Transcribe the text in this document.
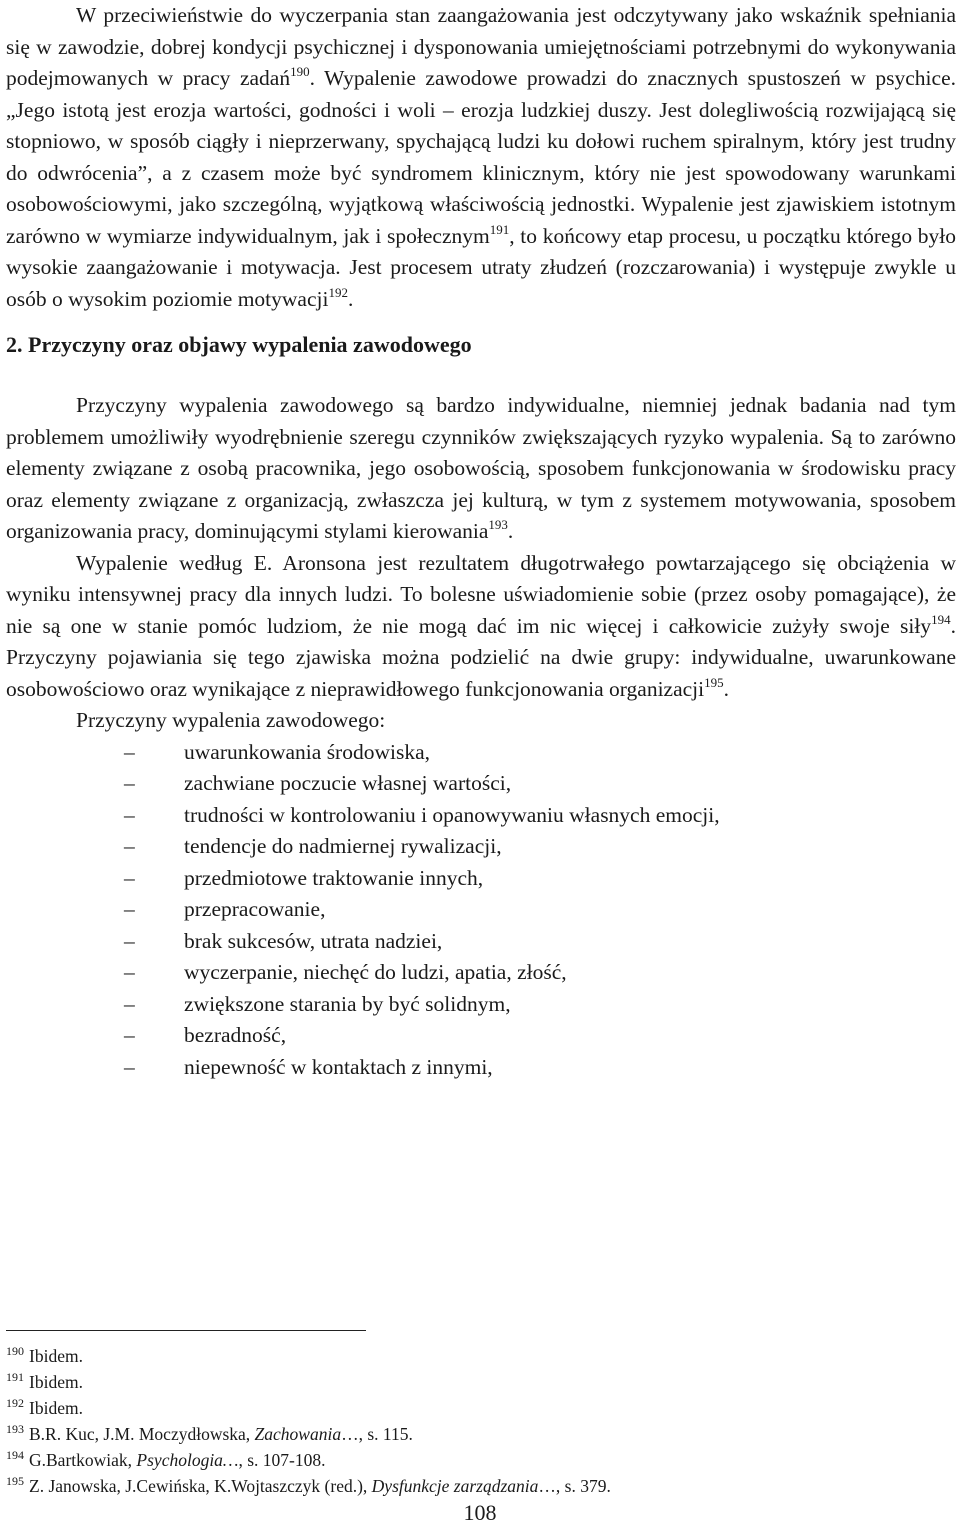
W przeciwieństwie do wyczerpania stan zaangażowania jest odczytywany jako wskaźnik spełniania się w zawodzie, dobrej kondycji psychicznej i dysponowania umiejętnościami potrzebnymi do wykonywania podejmowanych w pracy zadań$^{190}$. Wypalenie zawodowe prowadzi do znacznych spustoszeń w psychice. „Jego istotą jest erozja wartości, godności i woli – erozja ludzkiej duszy. Jest dolegliwością rozwijającą się stopniowo, w sposób ciągły i nieprzerwany, spychającą ludzi ku dołowi ruchem spiralnym, który jest trudny do odwrócenia”, a z czasem może być syndromem klinicznym, który nie jest spowodowany warunkami osobowościowymi, jako szczególną, wyjątkową właściwością jednostki. Wypalenie jest zjawiskiem istotnym zarówno w wymiarze indywidualnym, jak i społecznym$^{191}$, to końcowy etap procesu, u początku którego było wysokie zaangażowanie i motywacja. Jest procesem utraty złudzeń (rozczarowania) i występuje zwykle u osób o wysokim poziomie motywacji$^{192}$.

2. Przyczyny oraz objawy wypalenia zawodowego

Przyczyny wypalenia zawodowego są bardzo indywidualne, niemniej jednak badania nad tym problemem umożliwiły wyodrębnienie szeregu czynników zwiększających ryzyko wypalenia. Są to zarówno elementy związane z osobą pracownika, jego osobowością, sposobem funkcjonowania w środowisku pracy oraz elementy związane z organizacją, zwłaszcza jej kulturą, w tym z systemem motywowania, sposobem organizowania pracy, dominującymi stylami kierowania$^{193}$.

Wypalenie według E. Aronsona jest rezultatem długotrwałego powtarzającego się obciążenia w wyniku intensywnej pracy dla innych ludzi. To bolesne uświadomienie sobie (przez osoby pomagające), że nie są one w stanie pomóc ludziom, że nie mogą dać im nic więcej i całkowicie zużyły swoje siły$^{194}$. Przyczyny pojawiania się tego zjawiska można podzielić na dwie grupy: indywidualne, uwarunkowane osobowościowo oraz wynikające z nieprawidłowego funkcjonowania organizacji$^{195}$.

Przyczyny wypalenia zawodowego:

– uwarunkowania środowiska,
– zachwiane poczucie własnej wartości,
– trudności w kontrolowaniu i opanowywaniu własnych emocji,
– tendencje do nadmiernej rywalizacji,
– przedmiotowe traktowanie innych,
– przepracowanie,
– brak sukcesów, utrata nadziei,
– wyczerpanie, niechęć do ludzi, apatia, złość,
– zwiększone starania by być solidnym,
– bezradność,
– niepewność w kontaktach z innymi,
$^{190}$ Ibidem.
$^{191}$ Ibidem.
$^{192}$ Ibidem.
$^{193}$ B.R. Kuc, J.M. Moczydłowska, Zachowania…, s. 115.
$^{194}$ G.Bartkowiak, Psychologia…, s. 107-108.
$^{195}$ Z. Janowska, J.Cewińska, K.Wojtaszczyk (red.), Dysfunkcje zarządzania…, s. 379.
108
